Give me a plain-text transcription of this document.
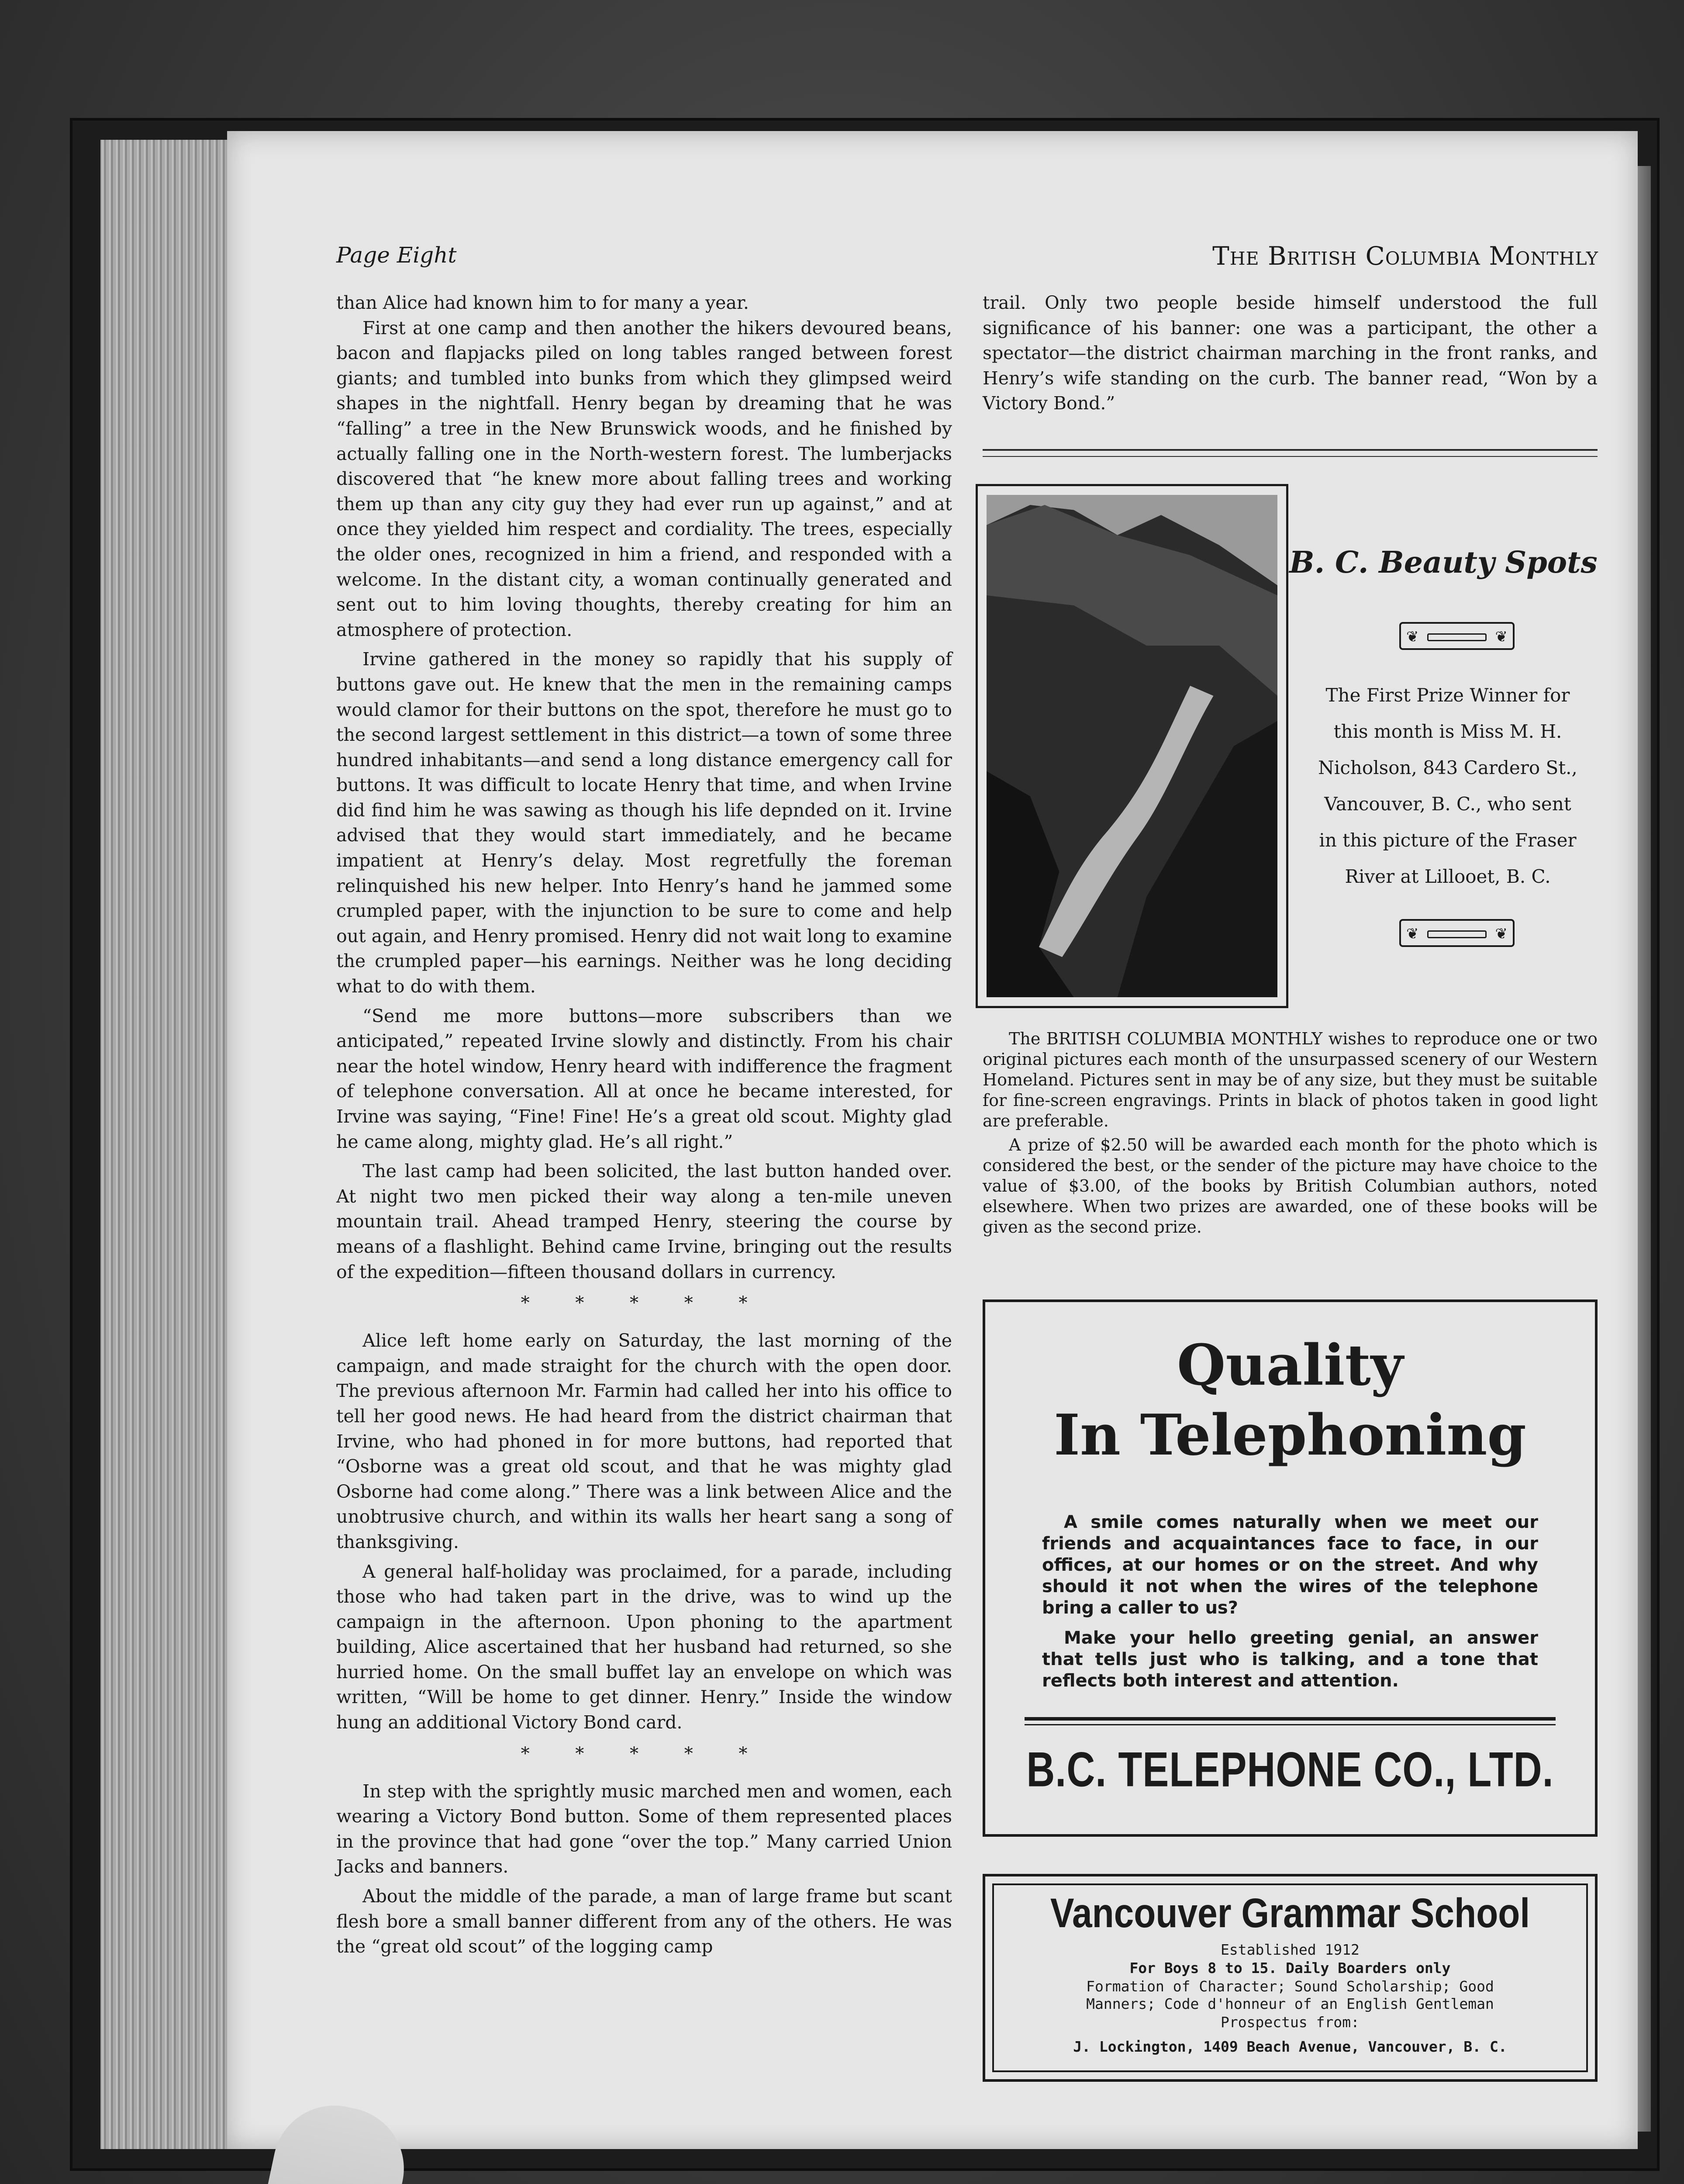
Page Eight	The British Columbia Monthly

than Alice had known him to for many a year.

First at one camp and then another the hikers devoured beans, bacon and flapjacks piled on long tables ranged between forest giants; and tumbled into bunks from which they glimpsed weird shapes in the nightfall. Henry began by dreaming that he was “falling” a tree in the New Brunswick woods, and he finished by actually falling one in the North-western forest. The lumberjacks discovered that “he knew more about falling trees and working them up than any city guy they had ever run up against,” and at once they yielded him respect and cordiality. The trees, especially the older ones, recognized in him a friend, and responded with a welcome. In the distant city, a woman continually generated and sent out to him loving thoughts, thereby creating for him an atmosphere of protection.

Irvine gathered in the money so rapidly that his supply of buttons gave out. He knew that the men in the remaining camps would clamor for their buttons on the spot, therefore he must go to the second largest settlement in this district—a town of some three hundred inhabitants—and send a long distance emergency call for buttons. It was difficult to locate Henry that time, and when Irvine did find him he was sawing as though his life depnded on it. Irvine advised that they would start immediately, and he became impatient at Henry’s delay. Most regretfully the foreman relinquished his new helper. Into Henry’s hand he jammed some crumpled paper, with the injunction to be sure to come and help out again, and Henry promised. Henry did not wait long to examine the crumpled paper—his earnings. Neither was he long deciding what to do with them.

“Send me more buttons—more subscribers than we anticipated,” repeated Irvine slowly and distinctly. From his chair near the hotel window, Henry heard with indifference the fragment of telephone conversation. All at once he became interested, for Irvine was saying, “Fine! Fine! He’s a great old scout. Mighty glad he came along, mighty glad. He’s all right.”

The last camp had been solicited, the last button handed over. At night two men picked their way along a ten-mile uneven mountain trail. Ahead tramped Henry, steering the course by means of a flashlight. Behind came Irvine, bringing out the results of the expedition—fifteen thousand dollars in currency.

* * * * *

Alice left home early on Saturday, the last morning of the campaign, and made straight for the church with the open door. The previous afternoon Mr. Farmin had called her into his office to tell her good news. He had heard from the district chairman that Irvine, who had phoned in for more buttons, had reported that “Osborne was a great old scout, and that he was mighty glad Osborne had come along.” There was a link between Alice and the unobtrusive church, and within its walls her heart sang a song of thanksgiving.

A general half-holiday was proclaimed, for a parade, including those who had taken part in the drive, was to wind up the campaign in the afternoon. Upon phoning to the apartment building, Alice ascertained that her husband had returned, so she hurried home. On the small buffet lay an envelope on which was written, “Will be home to get dinner. Henry.” Inside the window hung an additional Victory Bond card.

* * * * *

In step with the sprightly music marched men and women, each wearing a Victory Bond button. Some of them represented places in the province that had gone “over the top.” Many carried Union Jacks and banners.

About the middle of the parade, a man of large frame but scant flesh bore a small banner different from any of the others. He was the “great old scout” of the logging camp

trail. Only two people beside himself understood the full significance of his banner: one was a participant, the other a spectator—the district chairman marching in the front ranks, and Henry’s wife standing on the curb. The banner read, “Won by a Victory Bond.”

B. C. Beauty Spots
❦	❦
The First Prize Winner for
this month is Miss M. H.
Nicholson, 843 Cardero St.,
Vancouver, B. C., who sent
in this picture of the Fraser
River at Lillooet, B. C.
❦	❦

The BRITISH COLUMBIA MONTHLY wishes to reproduce one or two original pictures each month of the unsurpassed scenery of our Western Homeland. Pictures sent in may be of any size, but they must be suitable for fine-screen engravings. Prints in black of photos taken in good light are preferable.

A prize of $2.50 will be awarded each month for the photo which is considered the best, or the sender of the picture may have choice to the value of $3.00, of the books by British Columbian authors, noted elsewhere. When two prizes are awarded, one of these books will be given as the second prize.

Quality
In Telephoning

A smile comes naturally when we meet our friends and acquaintances face to face, in our offices, at our homes or on the street. And why should it not when the wires of the telephone bring a caller to us?

Make your hello greeting genial, an answer that tells just who is talking, and a tone that reflects both interest and attention.

B.C. TELEPHONE CO., LTD.
Vancouver Grammar School
Established 1912
For Boys 8 to 15. Daily Boarders only
Formation of Character; Sound Scholarship; Good
Manners; Code d'honneur of an English Gentleman
Prospectus from:
J. Lockington, 1409 Beach Avenue, Vancouver, B. C.
